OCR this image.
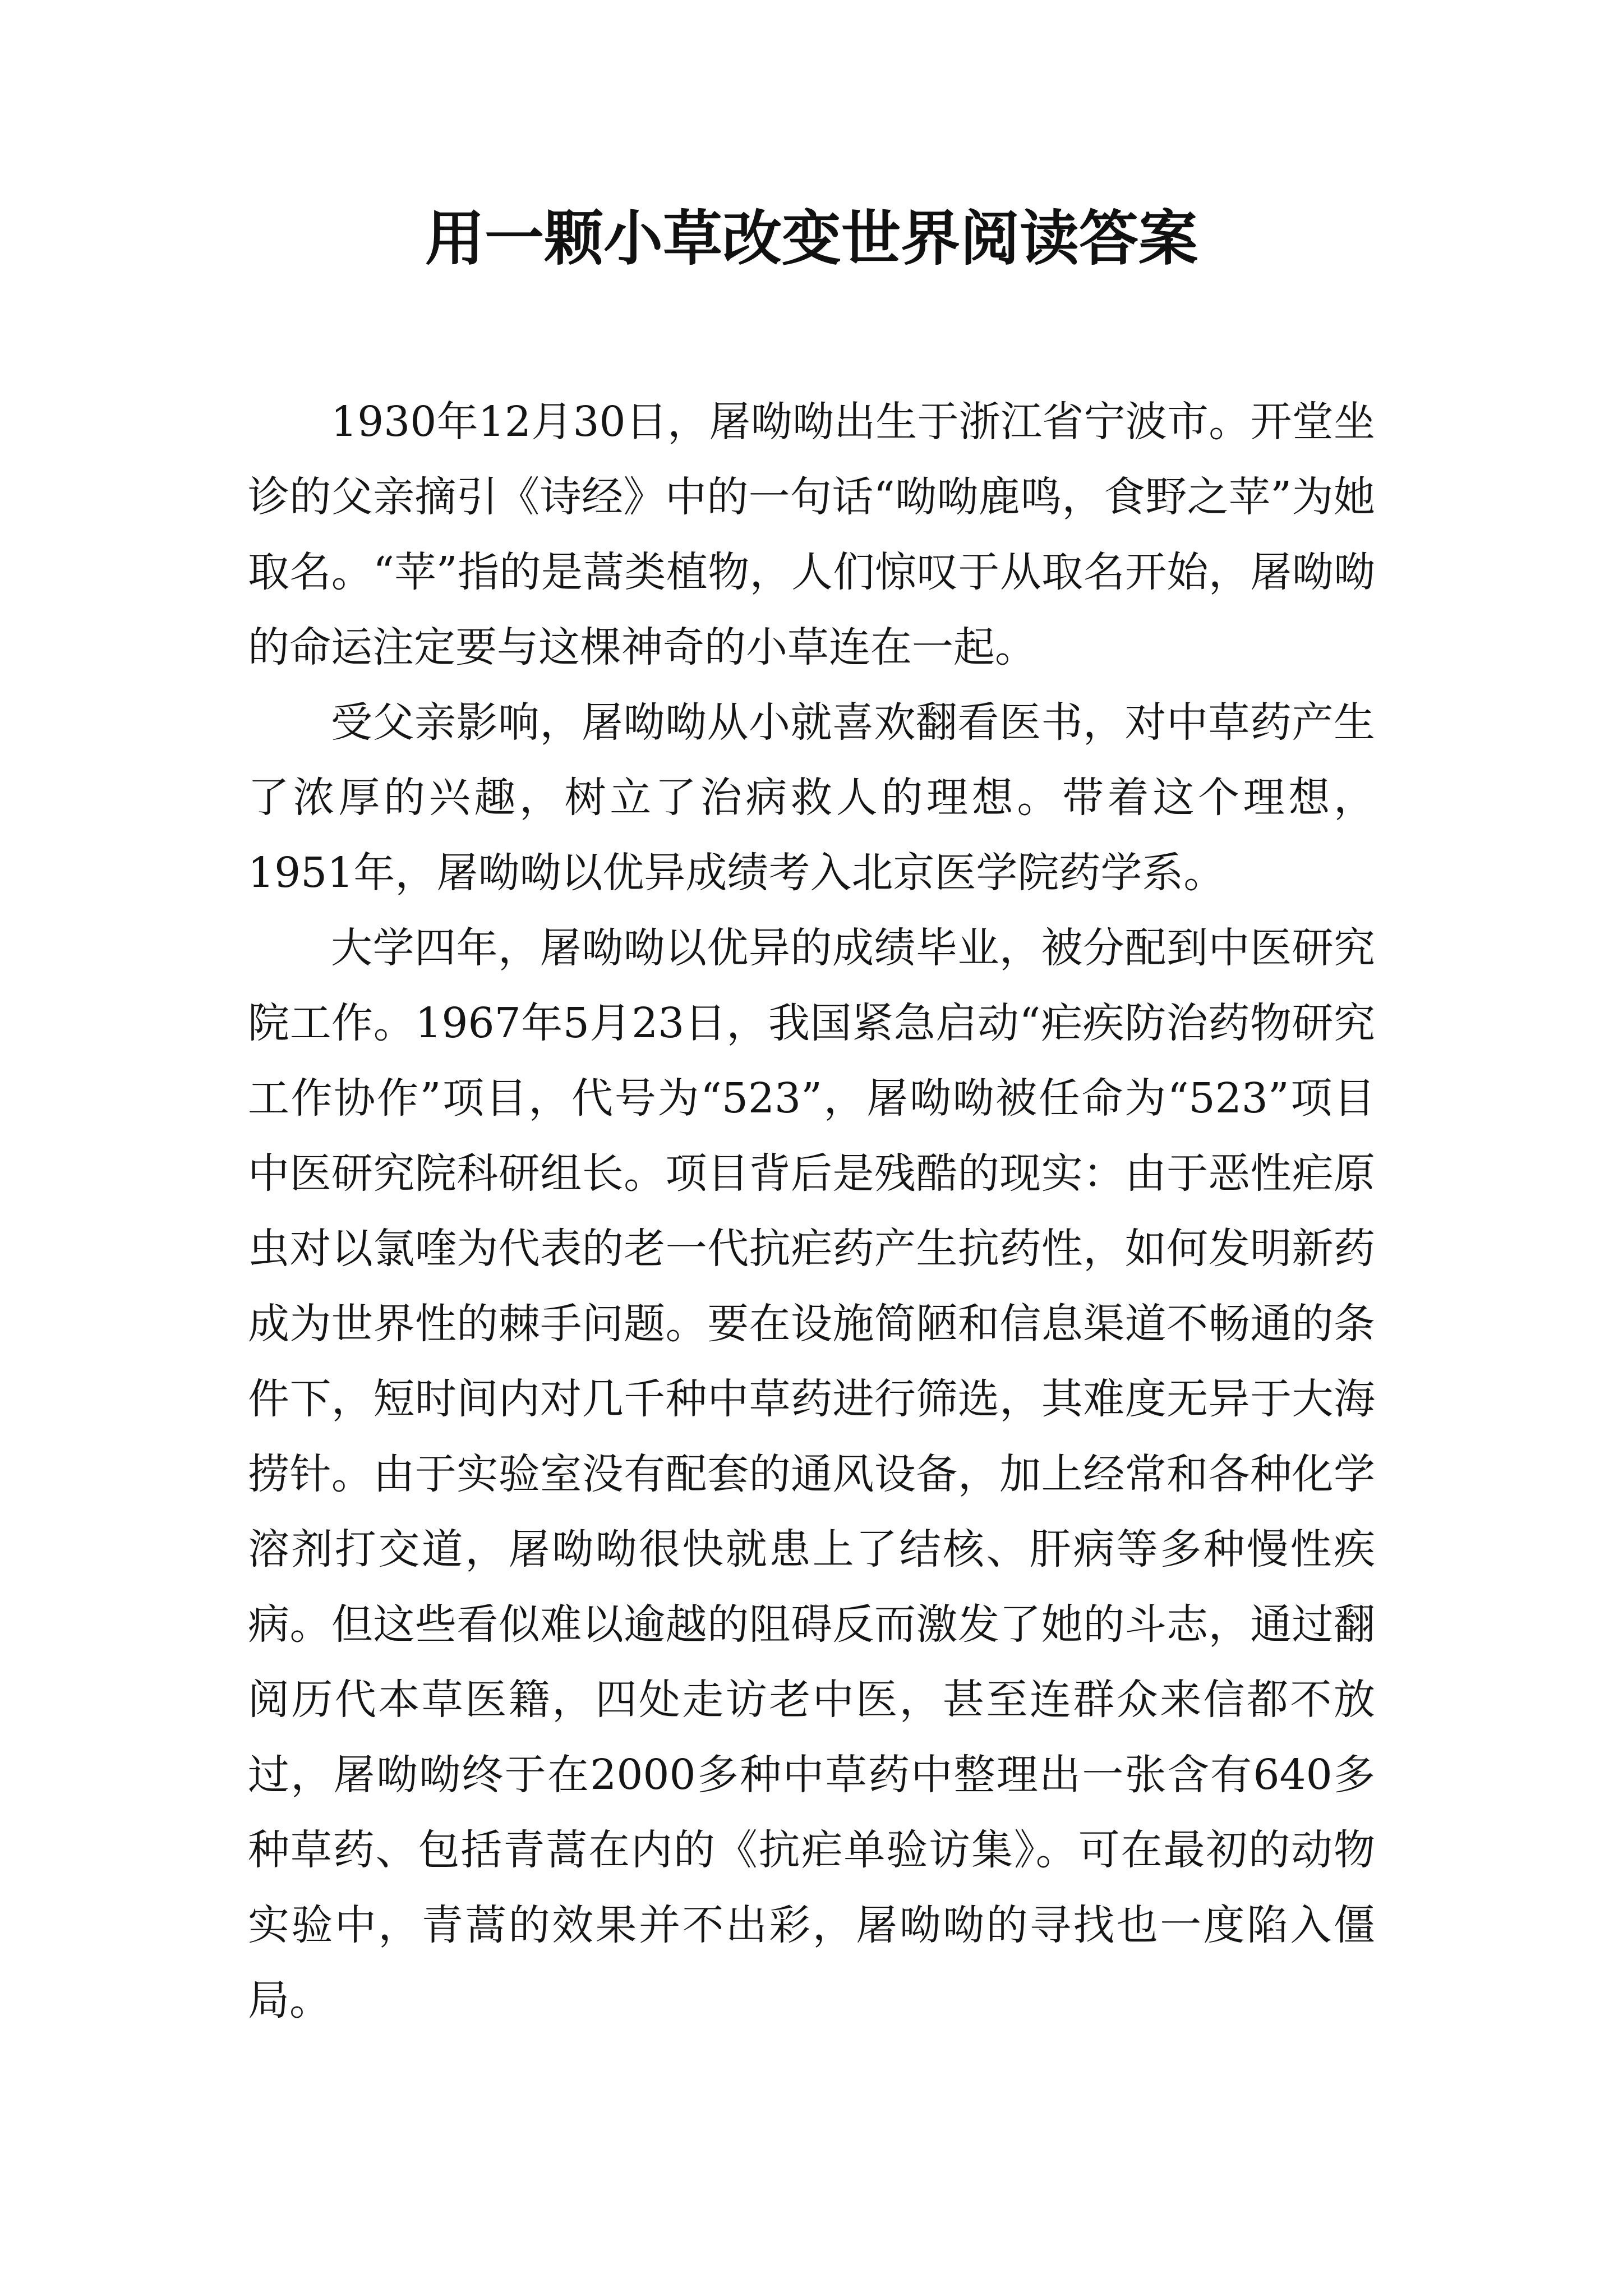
用一颗小草改变世界阅读答案

1930年12月30日，屠呦呦出生于浙江省宁波市。开堂坐诊的父亲摘引《诗经》中的一句话“呦呦鹿鸣，食野之苹”为她取名。“苹”指的是蒿类植物，人们惊叹于从取名开始，屠呦呦的命运注定要与这棵神奇的小草连在一起。

受父亲影响，屠呦呦从小就喜欢翻看医书，对中草药产生了浓厚的兴趣，树立了治病救人的理想。带着这个理想，1951年，屠呦呦以优异成绩考入北京医学院药学系。

大学四年，屠呦呦以优异的成绩毕业，被分配到中医研究院工作。1967年5月23日，我国紧急启动“疟疾防治药物研究工作协作”项目，代号为“523”，屠呦呦被任命为“523”项目中医研究院科研组长。项目背后是残酷的现实：由于恶性疟原虫对以氯喹为代表的老一代抗疟药产生抗药性，如何发明新药成为世界性的棘手问题。要在设施简陋和信息渠道不畅通的条件下，短时间内对几千种中草药进行筛选，其难度无异于大海捞针。由于实验室没有配套的通风设备，加上经常和各种化学溶剂打交道，屠呦呦很快就患上了结核、肝病等多种慢性疾病。但这些看似难以逾越的阻碍反而激发了她的斗志，通过翻阅历代本草医籍，四处走访老中医，甚至连群众来信都不放过，屠呦呦终于在2000多种中草药中整理出一张含有640多种草药、包括青蒿在内的《抗疟单验访集》。可在最初的动物实验中，青蒿的效果并不出彩，屠呦呦的寻找也一度陷入僵局。
